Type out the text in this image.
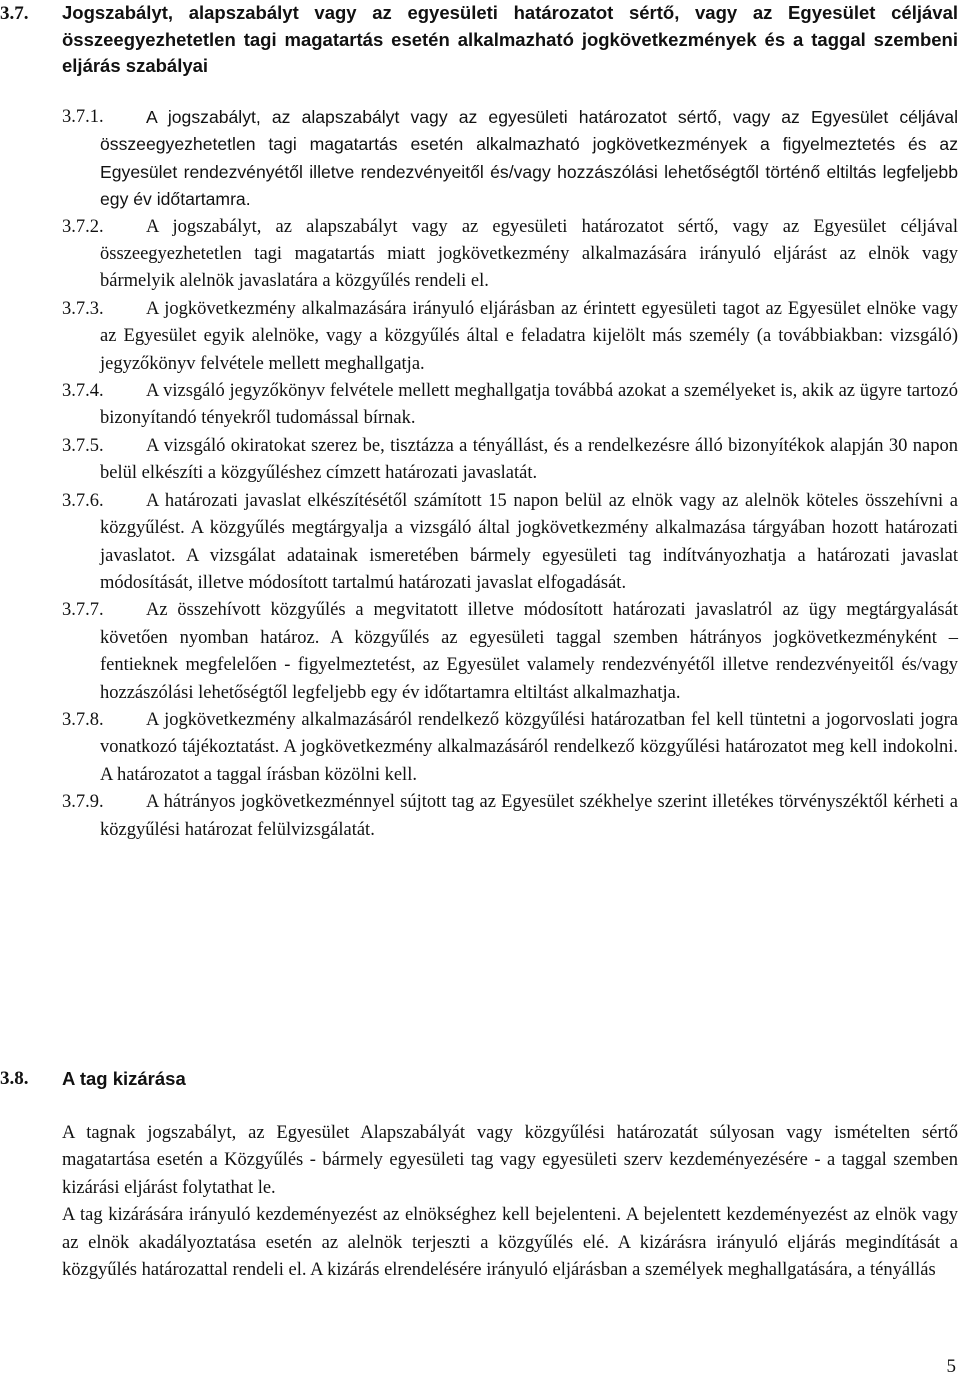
3.7. Jogszabályt, alapszabályt vagy az egyesületi határozatot sértő, vagy az Egyesület céljával összeegyezhetetlen tagi magatartás esetén alkalmazható jogkövetkezmények és a taggal szembeni eljárás szabályai
3.7.1.	A jogszabályt, az alapszabályt vagy az egyesületi határozatot sértő, vagy az Egyesület céljával összeegyezhetetlen tagi magatartás esetén alkalmazható jogkövetkezmények a figyelmeztetés és az Egyesület rendezvényétől illetve rendezvényeitől és/vagy hozzászólási lehetőségtől történő eltiltás legfeljebb egy év időtartamra.
3.7.2.	A jogszabályt, az alapszabályt vagy az egyesületi határozatot sértő, vagy az Egyesület céljával összeegyezhetetlen tagi magatartás miatt jogkövetkezmény alkalmazására irányuló eljárást az elnök vagy bármelyik alelnök javaslatára a közgyűlés rendeli el.
3.7.3.	A jogkövetkezmény alkalmazására irányuló eljárásban az érintett egyesületi tagot az Egyesület elnöke vagy az Egyesület egyik alelnöke, vagy a közgyűlés által e feladatra kijelölt más személy (a továbbiakban: vizsgáló) jegyzőkönyv felvétele mellett meghallgatja.
3.7.4.	A vizsgáló jegyzőkönyv felvétele mellett meghallgatja továbbá azokat a személyeket is, akik az ügyre tartozó bizonyítandó tényekről tudomással bírnak.
3.7.5.	A vizsgáló okiratokat szerez be, tisztázza a tényállást, és a rendelkezésre álló bizonyítékok alapján 30 napon belül elkészíti a közgyűléshez címzett határozati javaslatát.
3.7.6.	A határozati javaslat elkészítésétől számított 15 napon belül az elnök vagy az alelnök köteles összehívni a közgyűlést. A közgyűlés megtárgyalja a vizsgáló által jogkövetkezmény alkalmazása tárgyában hozott határozati javaslatot. A vizsgálat adatainak ismeretében bármely egyesületi tag indítványozhatja a határozati javaslat módosítását, illetve módosított tartalmú határozati javaslat elfogadását.
3.7.7.	Az összehívott közgyűlés a megvitatott illetve módosított határozati javaslatról az ügy megtárgyalását követően nyomban határoz. A közgyűlés az egyesületi taggal szemben hátrányos jogkövetkezményként – fentieknek megfelelően - figyelmeztetést, az Egyesület valamely rendezvényétől illetve rendezvényeitől és/vagy hozzászólási lehetőségtől legfeljebb egy év időtartamra eltiltást alkalmazhatja.
3.7.8.	A jogkövetkezmény alkalmazásáról rendelkező közgyűlési határozatban fel kell tüntetni a jogorvoslati jogra vonatkozó tájékoztatást. A jogkövetkezmény alkalmazásáról rendelkező közgyűlési határozatot meg kell indokolni. A határozatot a taggal írásban közölni kell.
3.7.9.	A hátrányos jogkövetkezménnyel sújtott tag az Egyesület székhelye szerint illetékes törvényszéktől kérheti a közgyűlési határozat felülvizsgálatát.
3.8. A tag kizárása

A tagnak jogszabályt, az Egyesület Alapszabályát vagy közgyűlési határozatát súlyosan vagy ismételten sértő magatartása esetén a Közgyűlés - bármely egyesületi tag vagy egyesületi szerv kezdeményezésére - a taggal szemben kizárási eljárást folytathat le.

A tag kizárására irányuló kezdeményezést az elnökséghez kell bejelenteni. A bejelentett kezdeményezést az elnök vagy az elnök akadályoztatása esetén az alelnök terjeszti a közgyűlés elé. A kizárásra irányuló eljárás megindítását a közgyűlés határozattal rendeli el. A kizárás elrendelésére irányuló eljárásban a személyek meghallgatására, a tényállás

5
